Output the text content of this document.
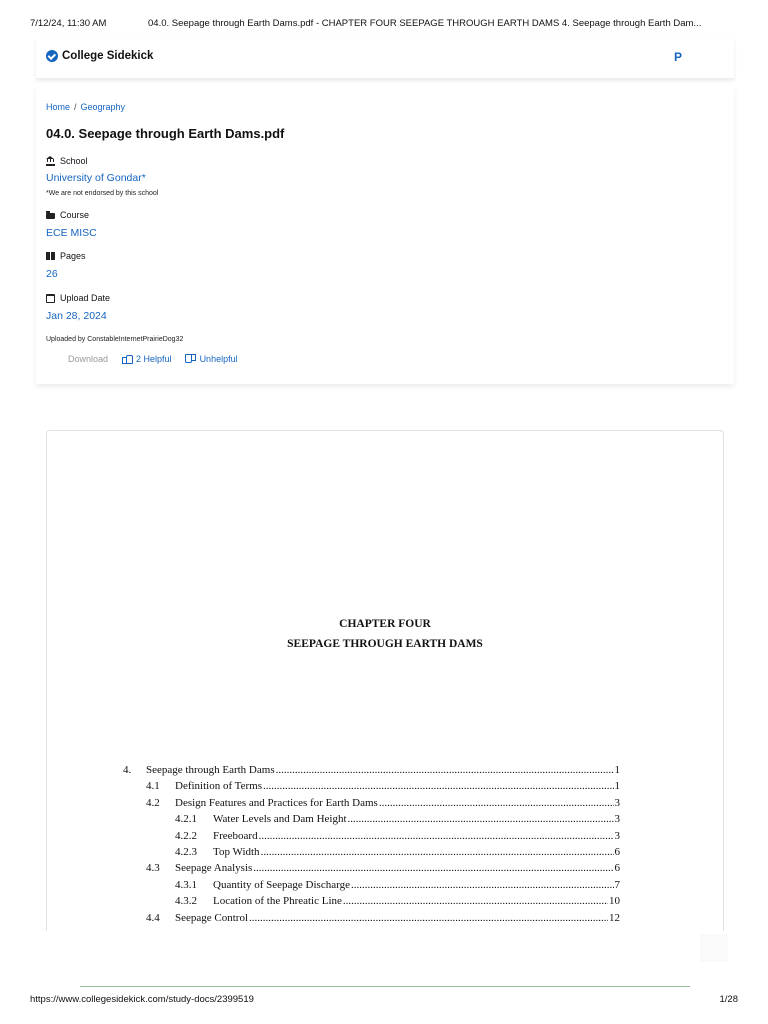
7/12/24, 11:30 AM	04.0. Seepage through Earth Dams.pdf - CHAPTER FOUR SEEPAGE THROUGH EARTH DAMS 4. Seepage through Earth Dam...
College Sidekick	P
Home / Geography
04.0. Seepage through Earth Dams.pdf
School
University of Gondar*
*We are not endorsed by this school
Course
ECE MISC
Pages
26
Upload Date
Jan 28, 2024
Uploaded by ConstableInternetPrairieDog32
Download	2 Helpful	Unhelpful
CHAPTER FOUR
SEEPAGE THROUGH EARTH DAMS
4.	Seepage through Earth Dams .....	1
4.1	Definition of Terms .....	1
4.2	Design Features and Practices for Earth Dams .....	3
4.2.1	Water Levels and Dam Height .....	3
4.2.2	Freeboard .....	3
4.2.3	Top Width .....	6
4.3	Seepage Analysis .....	6
4.3.1	Quantity of Seepage Discharge .....	7
4.3.2	Location of the Phreatic Line .....	10
4.4	Seepage Control .....	12
https://www.collegesidekick.com/study-docs/2399519	1/28
